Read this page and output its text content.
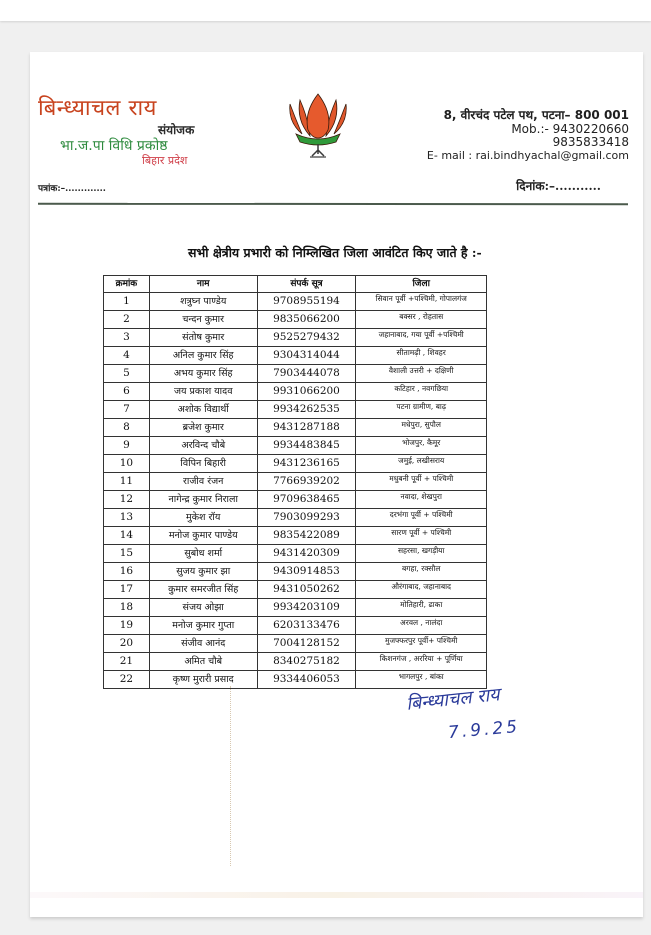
बिन्ध्याचल राय
संयोजक
भा.ज.पा विधि प्रकोष्ठ
बिहार प्रदेश
8, वीरचंद पटेल पथ, पटना– 800 001
Mob.:- 9430220660
9835833418
E- mail : rai.bindhyachal@gmail.com
पत्रांक:–.............	दिनांक:–...........
सभी क्षेत्रीय प्रभारी को निम्लिखित जिला आवंटित किए जाते है :-
क्रमांक	नाम	संपर्क सूत्र	जिला
1	शत्रुघ्न पाण्डेय	9708955194	सिवान पूर्वी +पश्चिमी, गोपालगंज
2	चन्दन कुमार	9835066200	बक्सर , रोहतास
3	संतोष कुमार	9525279432	जहानाबाद, गया पूर्वी +पश्चिमी
4	अनिल कुमार सिंह	9304314044	सीतामढ़ी , शिवहर
5	अभय कुमार सिंह	7903444078	वैशाली उत्तरी + दक्षिणी
6	जय प्रकाश यादव	9931066200	कटिहार , नवगछिया
7	अशोक विद्यार्थी	9934262535	पटना ग्रामीण, बाढ़
8	ब्रजेश कुमार	9431287188	मधेपुरा, सुपौल
9	अरविन्द चौबे	9934483845	भोजपुर, कैमूर
10	विपिन बिहारी	9431236165	जमुई, लखीसराय
11	राजीव रंजन	7766939202	मधुबनी पूर्वी + पश्चिमी
12	नागेन्द्र कुमार निराला	9709638465	नवादा, शेखपुरा
13	मुकेश रॉय	7903099293	दरभंगा पूर्वी + पश्चिमी
14	मनोज कुमार पाण्डेय	9835422089	सारण पूर्वी + पश्चिमी
15	सुबोध शर्मा	9431420309	सहरसा, खगड़ीया
16	सुजय कुमार झा	9430914853	बगहा, रक्सौल
17	कुमार समरजीत सिंह	9431050262	औरंगाबाद, जहानाबाद
18	संजय ओझा	9934203109	मोतिहारी, ढाका
19	मनोज कुमार गुप्ता	6203133476	अरवल , नालंदा
20	संजीव आनंद	7004128152	मुजफ्फरपुर पूर्वी+ पश्चिमी
21	अमित चौबे	8340275182	किशनगंज , अररिया + पूर्णिया
22	कृष्ण मुरारी प्रसाद	9334406053	भागलपुर , बांका
बिन्ध्याचल राय
7.9.25
